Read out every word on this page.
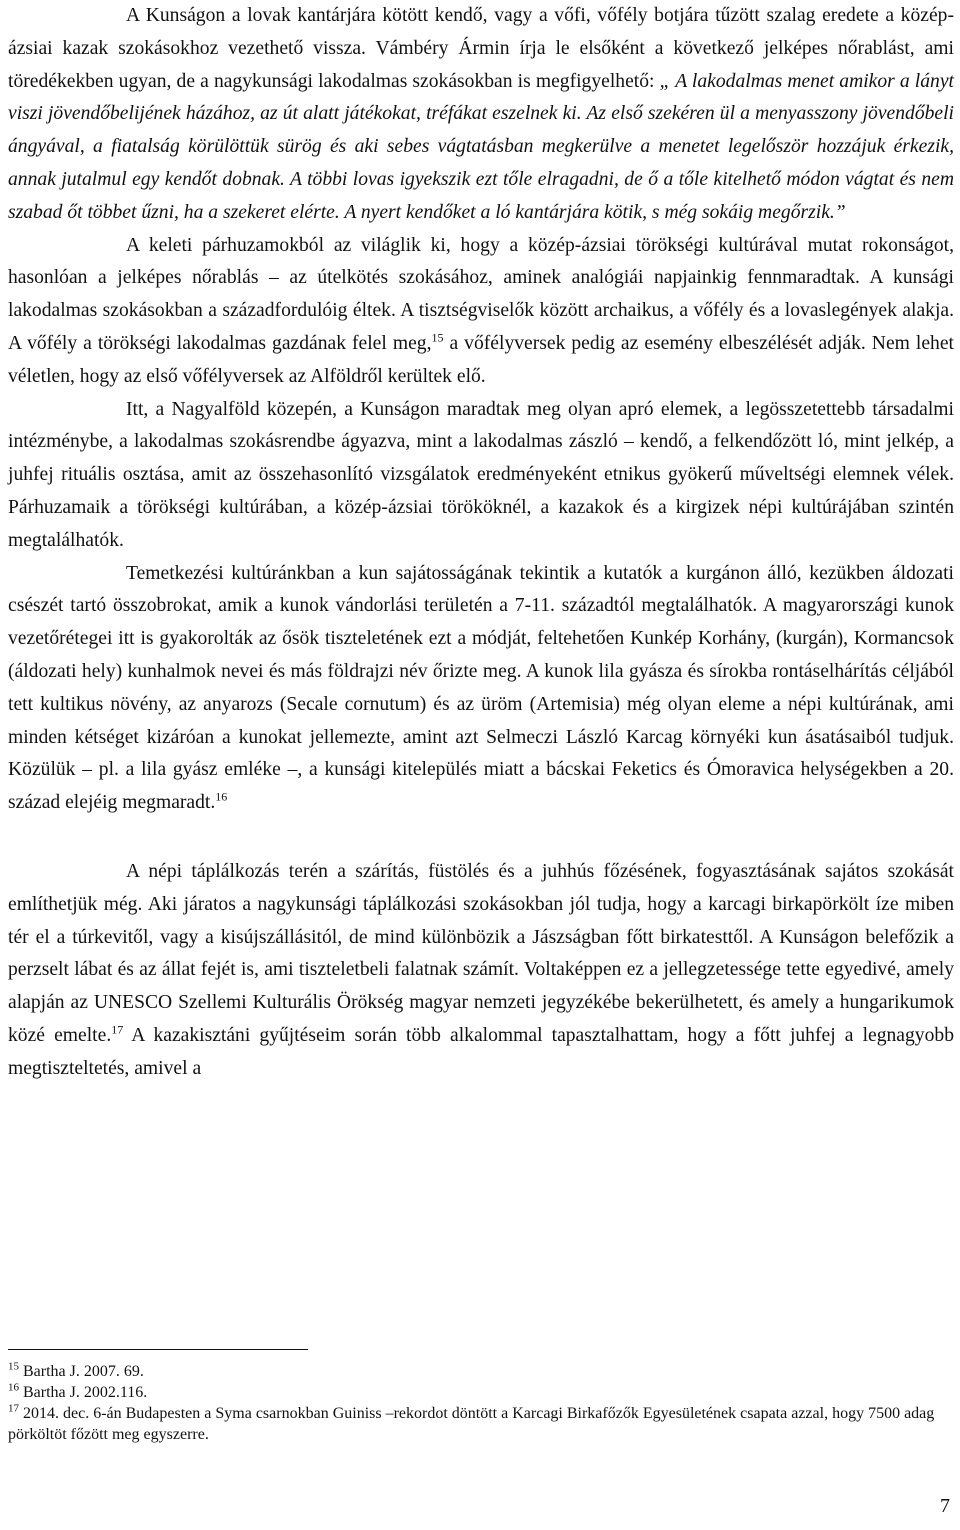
A Kunságon a lovak kantárjára kötött kendő, vagy a vőfi, vőfély botjára tűzött szalag eredete a közép-ázsiai kazak szokásokhoz vezethető vissza. Vámbéry Ármin írja le elsőként a következő jelképes nőrablást, ami töredékekben ugyan, de a nagykunsági lakodalmas szokásokban is megfigyelhető: „ A lakodalmas menet amikor a lányt viszi jövendőbelijének házához, az út alatt játékokat, tréfákat eszelnek ki. Az első szekéren ül a menyasszony jövendőbeli ángyával, a fiatalság körülöttük sürög és aki sebes vágtatásban megkerülve a menetet legelőször hozzájuk érkezik, annak jutalmul egy kendőt dobnak. A többi lovas igyekszik ezt tőle elragadni, de ő a tőle kitelhető módon vágtat és nem szabad őt többet űzni, ha a szekeret elérte. A nyert kendőket a ló kantárjára kötik, s még sokáig megőrzik.”

A keleti párhuzamokból az világlik ki, hogy a közép-ázsiai törökségi kultúrával mutat rokonságot, hasonlóan a jelképes nőrablás – az útelkötés szokásához, aminek analógiái napjainkig fennmaradtak. A kunsági lakodalmas szokásokban a századfordulóig éltek. A tisztségviselők között archaikus, a vőfély és a lovaslegények alakja. A vőfély a törökségi lakodalmas gazdának felel meg,$^{15}$ a vőfélyversek pedig az esemény elbeszélését adják. Nem lehet véletlen, hogy az első vőfélyversek az Alföldről kerültek elő.

Itt, a Nagyalföld közepén, a Kunságon maradtak meg olyan apró elemek, a legösszetettebb társadalmi intézménybe, a lakodalmas szokásrendbe ágyazva, mint a lakodalmas zászló – kendő, a felkendőzött ló, mint jelkép, a juhfej rituális osztása, amit az összehasonlító vizsgálatok eredményeként etnikus gyökerű műveltségi elemnek vélek. Párhuzamaik a törökségi kultúrában, a közép-ázsiai törököknél, a kazakok és a kirgizek népi kultúrájában szintén megtalálhatók.

Temetkezési kultúránkban a kun sajátosságának tekintik a kutatók a kurgánon álló, kezükben áldozati csészét tartó összobrokat, amik a kunok vándorlási területén a 7-11. századtól megtalálhatók. A magyarországi kunok vezetőrétegei itt is gyakorolták az ősök tiszteletének ezt a módját, feltehetően Kunkép Korhány, (kurgán), Kormancsok (áldozati hely) kunhalmok nevei és más földrajzi név őrizte meg. A kunok lila gyásza és sírokba rontáselhárítás céljából tett kultikus növény, az anyarozs (Secale cornutum) és az üröm (Artemisia) még olyan eleme a népi kultúrának, ami minden kétséget kizáróan a kunokat jellemezte, amint azt Selmeczi László Karcag környéki kun ásatásaiból tudjuk. Közülük – pl. a lila gyász emléke –, a kunsági kitelepülés miatt a bácskai Feketics és Ómoravica helységekben a 20. század elejéig megmaradt.$^{16}$

A népi táplálkozás terén a szárítás, füstölés és a juhhús főzésének, fogyasztásának sajátos szokását említhetjük még. Aki járatos a nagykunsági táplálkozási szokásokban jól tudja, hogy a karcagi birkapörkölt íze miben tér el a túrkevitől, vagy a kisújszállásitól, de mind különbözik a Jászságban főtt birkatesttől. A Kunságon belefőzik a perzselt lábat és az állat fejét is, ami tiszteletbeli falatnak számít. Voltaképpen ez a jellegzetessége tette egyedivé, amely alapján az UNESCO Szellemi Kulturális Örökség magyar nemzeti jegyzékébe bekerülhetett, és amely a hungarikumok közé emelte.$^{17}$ A kazakisztáni gyűjtéseim során több alkalommal tapasztalhattam, hogy a főtt juhfej a legnagyobb megtiszteltetés, amivel a

$^{15}$ Bartha J. 2007. 69.

$^{16}$ Bartha J. 2002.116.

$^{17}$ 2014. dec. 6-án Budapesten a Syma csarnokban Guiniss –rekordot döntött a Karcagi Birkafőzők Egyesületének csapata azzal, hogy 7500 adag pörköltöt főzött meg egyszerre.

7
